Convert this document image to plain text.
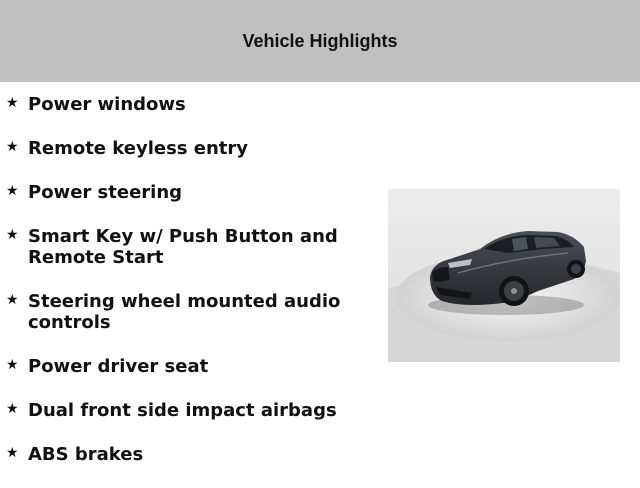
Vehicle Highlights
★ Power windows
★ Remote keyless entry
★ Power steering
★ Smart Key w/ Push Button and
Remote Start
★ Steering wheel mounted audio
controls
★ Power driver seat
★ Dual front side impact airbags
★ ABS brakes
